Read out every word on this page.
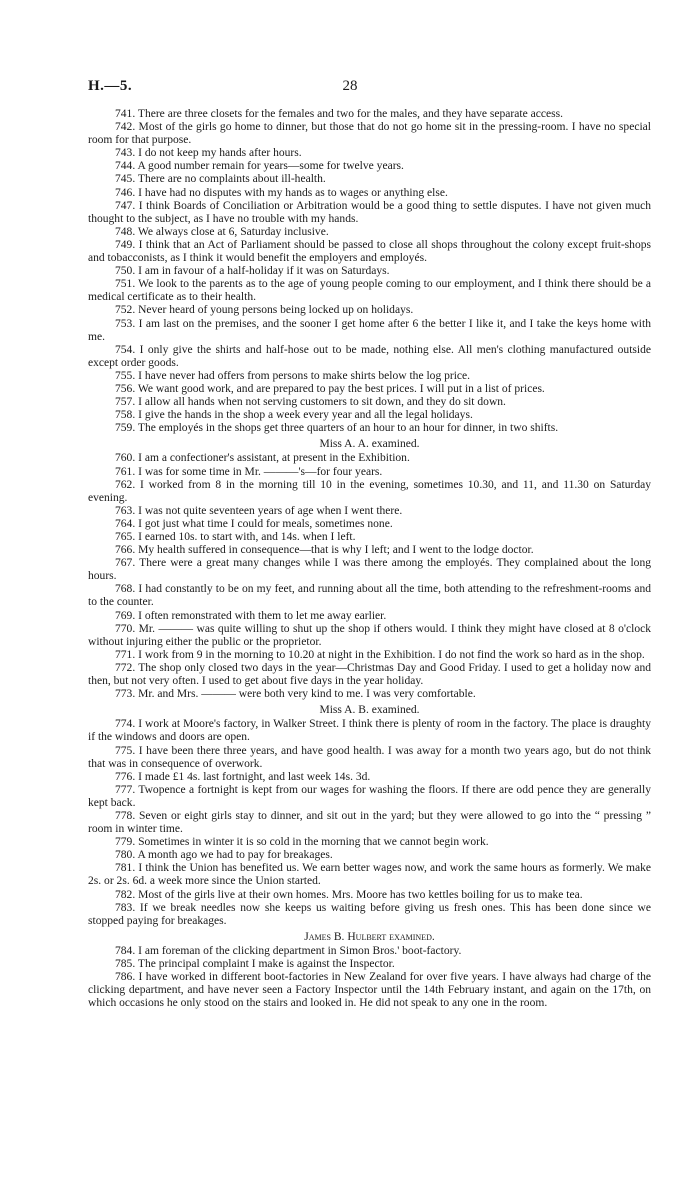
H.—5.	28

741. There are three closets for the females and two for the males, and they have separate access.

742. Most of the girls go home to dinner, but those that do not go home sit in the pressing-room. I have no special room for that purpose.

743. I do not keep my hands after hours.

744. A good number remain for years—some for twelve years.

745. There are no complaints about ill-health.

746. I have had no disputes with my hands as to wages or anything else.

747. I think Boards of Conciliation or Arbitration would be a good thing to settle disputes. I have not given much thought to the subject, as I have no trouble with my hands.

748. We always close at 6, Saturday inclusive.

749. I think that an Act of Parliament should be passed to close all shops throughout the colony except fruit-shops and tobacconists, as I think it would benefit the employers and employés.

750. I am in favour of a half-holiday if it was on Saturdays.

751. We look to the parents as to the age of young people coming to our employment, and I think there should be a medical certificate as to their health.

752. Never heard of young persons being locked up on holidays.

753. I am last on the premises, and the sooner I get home after 6 the better I like it, and I take the keys home with me.

754. I only give the shirts and half-hose out to be made, nothing else. All men's clothing manufactured outside except order goods.

755. I have never had offers from persons to make shirts below the log price.

756. We want good work, and are prepared to pay the best prices. I will put in a list of prices.

757. I allow all hands when not serving customers to sit down, and they do sit down.

758. I give the hands in the shop a week every year and all the legal holidays.

759. The employés in the shops get three quarters of an hour to an hour for dinner, in two shifts.

Miss A. A. examined.

760. I am a confectioner's assistant, at present in the Exhibition.

761. I was for some time in Mr. ———'s—for four years.

762. I worked from 8 in the morning till 10 in the evening, sometimes 10.30, and 11, and 11.30 on Saturday evening.

763. I was not quite seventeen years of age when I went there.

764. I got just what time I could for meals, sometimes none.

765. I earned 10s. to start with, and 14s. when I left.

766. My health suffered in consequence—that is why I left; and I went to the lodge doctor.

767. There were a great many changes while I was there among the employés. They complained about the long hours.

768. I had constantly to be on my feet, and running about all the time, both attending to the refreshment-rooms and to the counter.

769. I often remonstrated with them to let me away earlier.

770. Mr. ——— was quite willing to shut up the shop if others would. I think they might have closed at 8 o'clock without injuring either the public or the proprietor.

771. I work from 9 in the morning to 10.20 at night in the Exhibition. I do not find the work so hard as in the shop.

772. The shop only closed two days in the year—Christmas Day and Good Friday. I used to get a holiday now and then, but not very often. I used to get about five days in the year holiday.

773. Mr. and Mrs. ——— were both very kind to me. I was very comfortable.

Miss A. B. examined.

774. I work at Moore's factory, in Walker Street. I think there is plenty of room in the factory. The place is draughty if the windows and doors are open.

775. I have been there three years, and have good health. I was away for a month two years ago, but do not think that was in consequence of overwork.

776. I made £1 4s. last fortnight, and last week 14s. 3d.

777. Twopence a fortnight is kept from our wages for washing the floors. If there are odd pence they are generally kept back.

778. Seven or eight girls stay to dinner, and sit out in the yard; but they were allowed to go into the “ pressing ” room in winter time.

779. Sometimes in winter it is so cold in the morning that we cannot begin work.

780. A month ago we had to pay for breakages.

781. I think the Union has benefited us. We earn better wages now, and work the same hours as formerly. We make 2s. or 2s. 6d. a week more since the Union started.

782. Most of the girls live at their own homes. Mrs. Moore has two kettles boiling for us to make tea.

783. If we break needles now she keeps us waiting before giving us fresh ones. This has been done since we stopped paying for breakages.

James B. Hulbert examined.

784. I am foreman of the clicking department in Simon Bros.' boot-factory.

785. The principal complaint I make is against the Inspector.

786. I have worked in different boot-factories in New Zealand for over five years. I have always had charge of the clicking department, and have never seen a Factory Inspector until the 14th February instant, and again on the 17th, on which occasions he only stood on the stairs and looked in. He did not speak to any one in the room.
